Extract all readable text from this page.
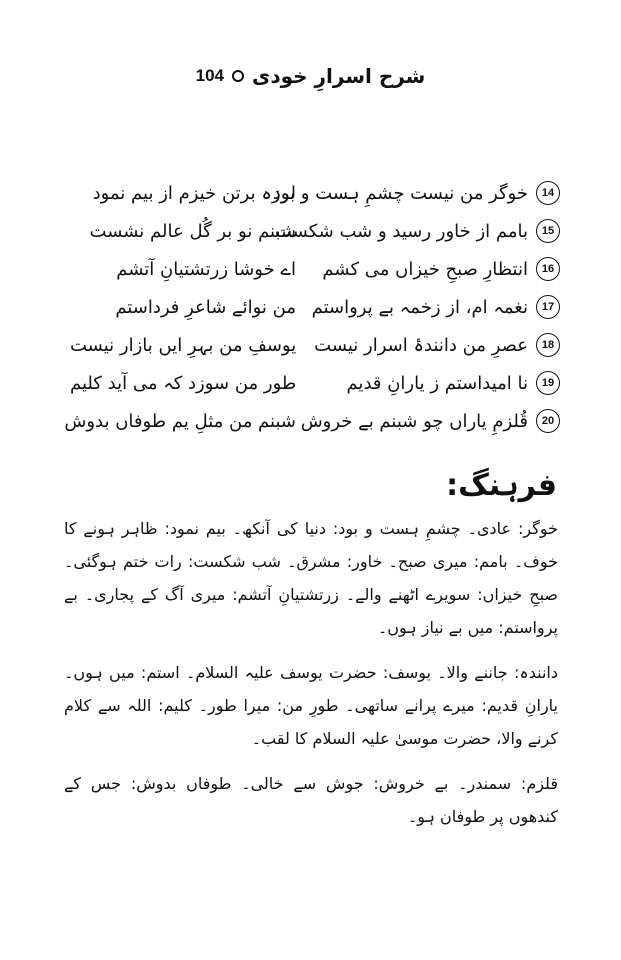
شرح اسرارِ خودی
104
14
خوگر من نیست چشمِ ہست و بود
لرزہ برتن خیزم از بیم نمود
15
بامم از خاور رسید و شب شکست
شبنم نو بر گُل عالم نشست
16
انتظارِ صبحِ خیزاں می کشم
اے خوشا زرتشتیانِ آتشم
17
نغمہ ام، از زخمہ بے پرواستم
من نوائے شاعرِ فرداستم
18
عصرِ من دانندۂ اسرار نیست
یوسفِ من بہرِ ایں بازار نیست
19
نا امیداستم ز یارانِ قدیم
طور من سوزد کہ می آید کلیم
20
قُلزمِ یاراں چو شبنم بے خروش
شبنم من مثلِ یم طوفاں بدوش
فرہنگ:

خوگر: عادی۔ چشمِ ہست و بود: دنیا کی آنکھ۔ بیم نمود: ظاہر ہونے کا خوف۔ بامم: میری صبح۔ خاور: مشرق۔ شب شکست: رات ختم ہوگئی۔ صبحِ خیزاں: سویرے اٹھنے والے۔ زرتشتیانِ آتشم: میری آگ کے پجاری۔ بے پرواستم: میں بے نیاز ہوں۔

دانندہ: جاننے والا۔ یوسف: حضرت یوسف علیہ السلام۔ استم: میں ہوں۔ یارانِ قدیم: میرے پرانے ساتھی۔ طورِ من: میرا طور۔ کلیم: اللہ سے کلام کرنے والا، حضرت موسیٰ علیہ السلام کا لقب۔

قلزم: سمندر۔ بے خروش: جوش سے خالی۔ طوفاں بدوش: جس کے کندھوں پر طوفان ہو۔
